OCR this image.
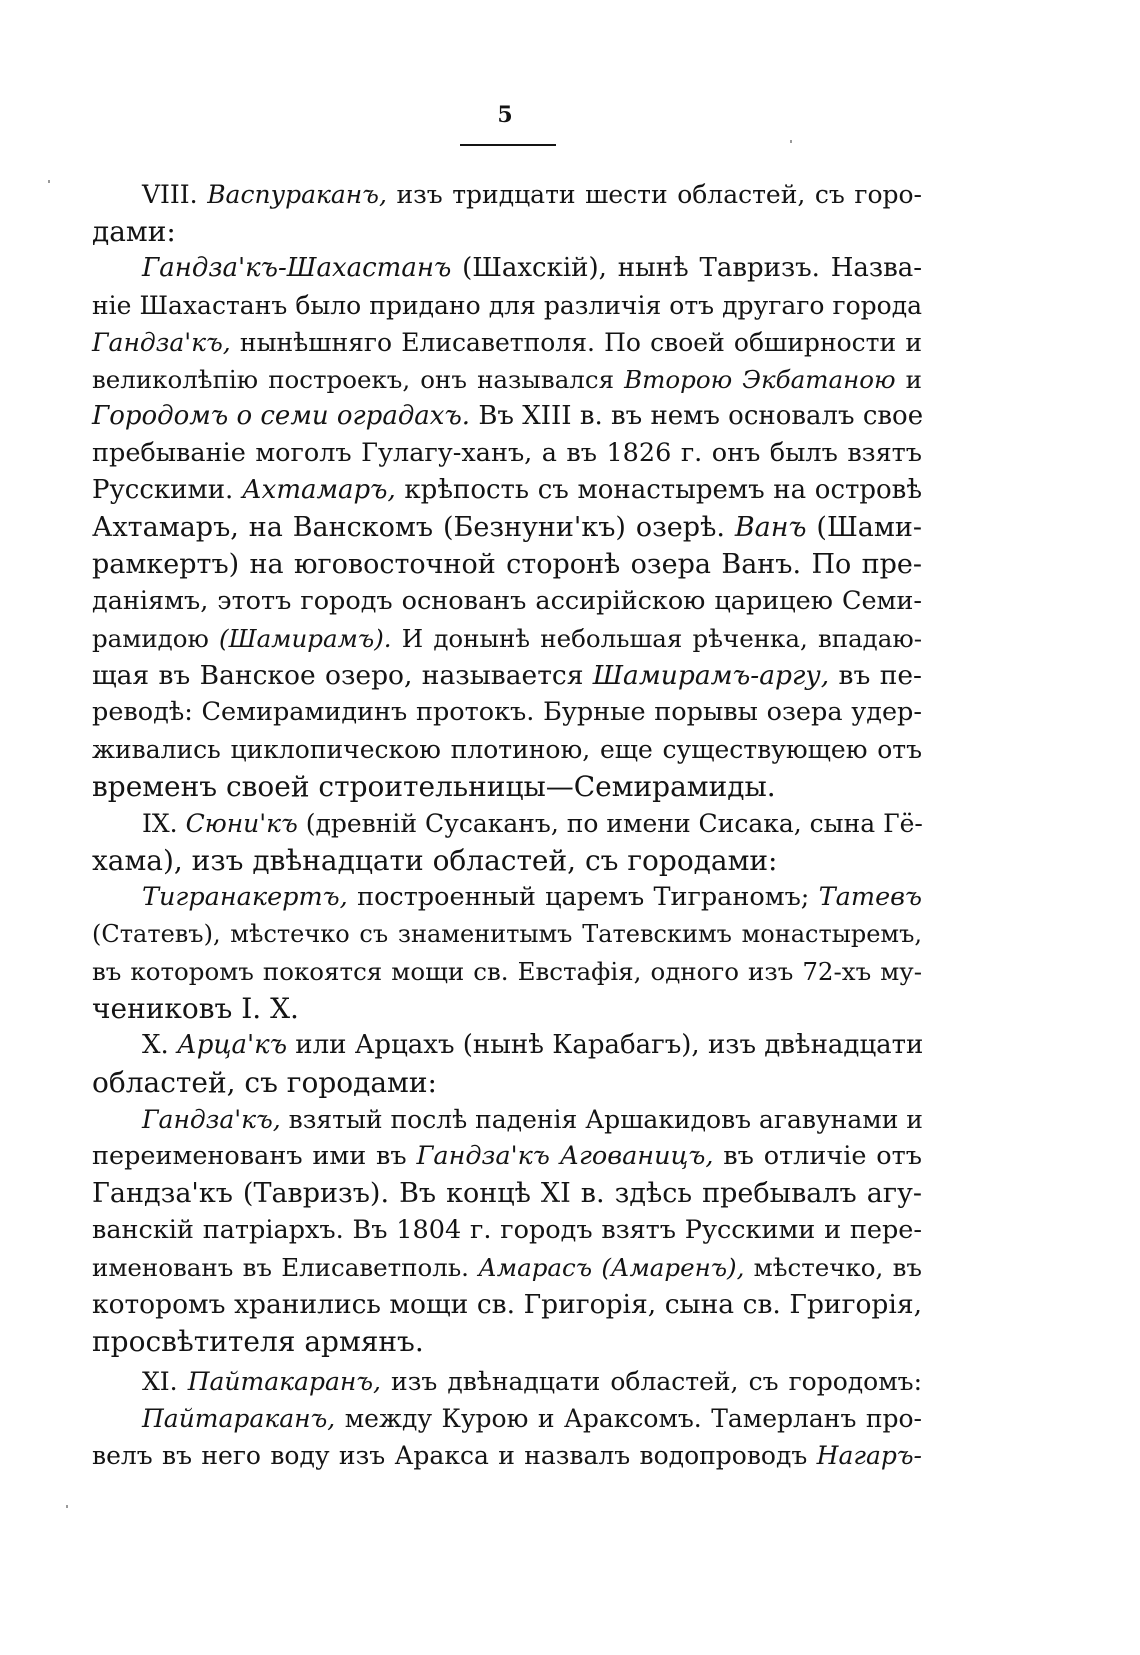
5
VIII. Васпураканъ, изъ тридцати шести областей, съ горо-
дами:
Гандза'къ-Шахастанъ (Шахскій), нынѣ Тавризъ. Назва-
ніе Шахастанъ было придано для различія отъ другаго города
Гандза'къ, нынѣшняго Елисаветполя. По своей обширности и
великолѣпію построекъ, онъ назывался Второю Экбатаною и
Городомъ о семи оградахъ. Въ XIII в. въ немъ основалъ свое
пребываніе моголъ Гулагу-ханъ, а въ 1826 г. онъ былъ взятъ
Русскими. Ахтамаръ, крѣпость съ монастыремъ на островѣ
Ахтамаръ, на Ванскомъ (Безнуни'къ) озерѣ. Ванъ (Шами-
рамкертъ) на юговосточной сторонѣ озера Ванъ. По пре-
даніямъ, этотъ городъ основанъ ассирійскою царицею Семи-
рамидою (Шамирамъ). И донынѣ небольшая рѣченка, впадаю-
щая въ Ванское озеро, называется Шамирамъ-аргу, въ пе-
реводѣ: Семирамидинъ протокъ. Бурные порывы озера удер-
живались циклопическою плотиною, еще существующею отъ
временъ своей строительницы—Семирамиды.
IX. Сюни'къ (древній Сусаканъ, по имени Сисака, сына Гё-
хама), изъ двѣнадцати областей, съ городами:
Тигранакертъ, построенный царемъ Тиграномъ; Татевъ
(Статевъ), мѣстечко съ знаменитымъ Татевскимъ монастыремъ,
въ которомъ покоятся мощи св. Евстафія, одного изъ 72-хъ му-
чениковъ І. Х.
X. Арца'къ или Арцахъ (нынѣ Карабагъ), изъ двѣнадцати
областей, съ городами:
Гандза'къ, взятый послѣ паденія Аршакидовъ агавунами и
переименованъ ими въ Гандза'къ Агованицъ, въ отличіе отъ
Гандза'къ (Тавризъ). Въ концѣ XI в. здѣсь пребывалъ агу-
ванскій патріархъ. Въ 1804 г. городъ взятъ Русскими и пере-
именованъ въ Елисаветполь. Амарасъ (Амаренъ), мѣстечко, въ
которомъ хранились мощи св. Григорія, сына св. Григорія,
просвѣтителя армянъ.
XI. Пайтакаранъ, изъ двѣнадцати областей, съ городомъ:
Пайтараканъ, между Курою и Араксомъ. Тамерланъ про-
велъ въ него воду изъ Аракса и назвалъ водопроводъ Нагаръ-
